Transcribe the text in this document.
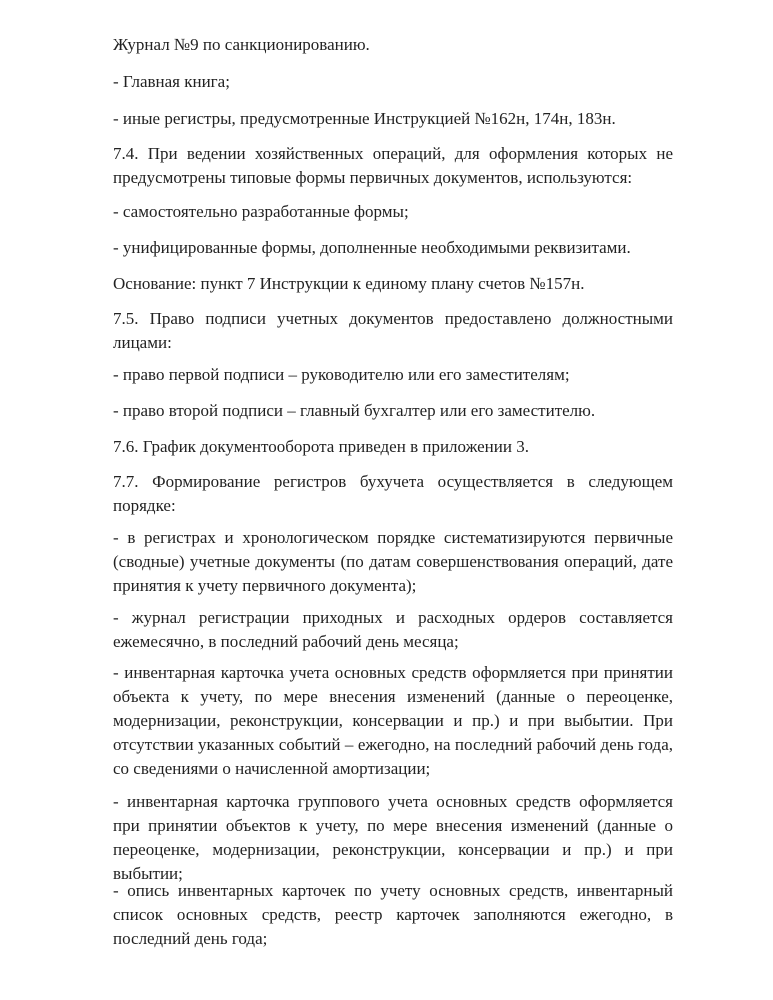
Журнал №9 по санкционированию.

- Главная книга;

- иные регистры, предусмотренные Инструкцией №162н, 174н, 183н.

7.4. При ведении хозяйственных операций, для оформления которых не предусмотрены типовые формы первичных документов, используются:

- самостоятельно разработанные формы;

- унифицированные формы, дополненные необходимыми реквизитами.

Основание: пункт 7 Инструкции к единому плану счетов №157н.

7.5. Право подписи учетных документов предоставлено должностными лицами:

- право первой подписи – руководителю или его заместителям;

- право второй подписи – главный бухгалтер или его заместителю.

7.6. График документооборота приведен в приложении 3.

7.7. Формирование регистров бухучета осуществляется в следующем порядке:

- в регистрах и хронологическом порядке систематизируются первичные (сводные) учетные документы (по датам совершенствования операций, дате принятия к учету первичного документа);

- журнал регистрации приходных и расходных ордеров составляется ежемесячно, в последний рабочий день месяца;

- инвентарная карточка учета основных средств оформляется при принятии объекта к учету, по мере внесения изменений (данные о переоценке, модернизации, реконструкции, консервации и пр.) и при выбытии. При отсутствии указанных событий – ежегодно, на последний рабочий день года, со сведениями о начисленной амортизации;

- инвентарная карточка группового учета основных средств оформляется при принятии объектов к учету, по мере внесения изменений (данные о переоценке, модернизации, реконструкции, консервации и пр.) и при выбытии;

- опись инвентарных карточек по учету основных средств, инвентарный список основных средств, реестр карточек заполняются ежегодно, в последний день года;
